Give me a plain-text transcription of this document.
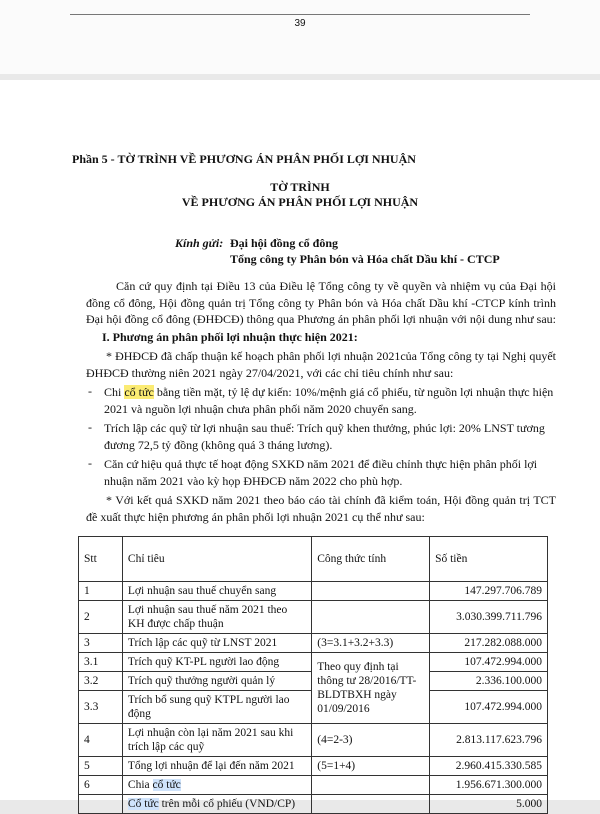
39
Phần 5 - TỜ TRÌNH VỀ PHƯƠNG ÁN PHÂN PHỐI LỢI NHUẬN
TỜ TRÌNH
VỀ PHƯƠNG ÁN PHÂN PHỐI LỢI NHUẬN
Kính gửi: Đại hội đồng cổ đông
Tổng công ty Phân bón và Hóa chất Dầu khí - CTCP
Căn cứ quy định tại Điều 13 của Điều lệ Tổng công ty về quyền và nhiệm vụ của Đại hội đồng cổ đông, Hội đồng quản trị Tổng công ty Phân bón và Hóa chất Dầu khí -CTCP kính trình Đại hội đồng cổ đông (ĐHĐCĐ) thông qua Phương án phân phối lợi nhuận với nội dung như sau:
I. Phương án phân phối lợi nhuận thực hiện 2021:
* ĐHĐCĐ đã chấp thuận kế hoạch phân phối lợi nhuận 2021của Tổng công ty tại Nghị quyết ĐHĐCĐ thường niên 2021 ngày 27/04/2021, với các chỉ tiêu chính như sau:
- Chi cổ tức bằng tiền mặt, tỷ lệ dự kiến: 10%/mệnh giá cổ phiếu, từ nguồn lợi nhuận thực hiện 2021 và nguồn lợi nhuận chưa phân phối năm 2020 chuyển sang.
- Trích lập các quỹ từ lợi nhuận sau thuế: Trích quỹ khen thưởng, phúc lợi: 20% LNST tương đương 72,5 tỷ đồng (không quá 3 tháng lương).
- Căn cứ hiệu quả thực tế hoạt động SXKD năm 2021 để điều chỉnh thực hiện phân phối lợi nhuận năm 2021 vào kỳ họp ĐHĐCĐ năm 2022 cho phù hợp.
* Với kết quả SXKD năm 2021 theo báo cáo tài chính đã kiểm toán, Hội đồng quản trị TCT đề xuất thực hiện phương án phân phối lợi nhuận 2021 cụ thể như sau:
Stt	Chỉ tiêu	Công thức tính	Số tiền
1	Lợi nhuận sau thuế chuyển sang		147.297.706.789
2	Lợi nhuận sau thuế năm 2021 theo KH được chấp thuận		3.030.399.711.796
3	Trích lập các quỹ từ LNST 2021	(3=3.1+3.2+3.3)	217.282.088.000
3.1	Trích quỹ KT-PL người lao động	Theo quy định tại thông tư 28/2016/TT-BLDTBXH ngày 01/09/2016	107.472.994.000
3.2	Trích quỹ thưởng người quản lý		2.336.100.000
3.3	Trích bổ sung quỹ KTPL người lao động		107.472.994.000
4	Lợi nhuận còn lại năm 2021 sau khi trích lập các quỹ	(4=2-3)	2.813.117.623.796
5	Tổng lợi nhuận để lại đến năm 2021	(5=1+4)	2.960.415.330.585
6	Chia cổ tức		1.956.671.300.000
	Cổ tức trên mỗi cổ phiếu (VND/CP)		5.000
